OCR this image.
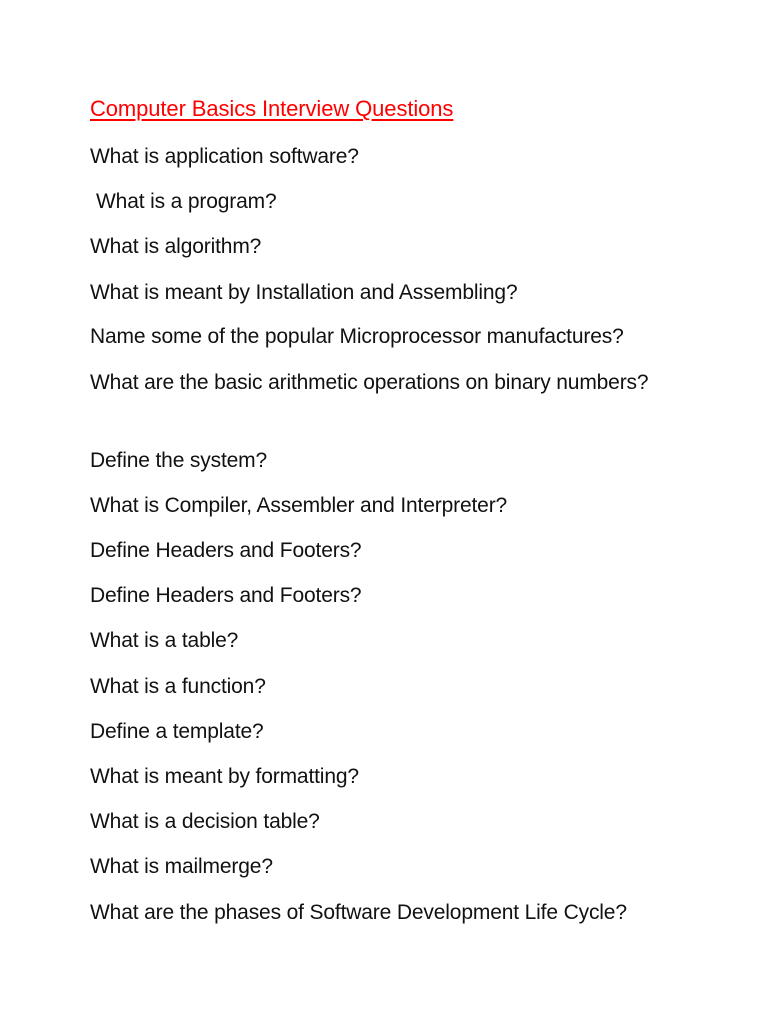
Computer Basics Interview Questions
What is application software?
What is a program?
What is algorithm?
What is meant by Installation and Assembling?
Name some of the popular Microprocessor manufactures?
What are the basic arithmetic operations on binary numbers?
Define the system?
What is Compiler, Assembler and Interpreter?
Define Headers and Footers?
Define Headers and Footers?
What is a table?
What is a function?
Define a template?
What is meant by formatting?
What is a decision table?
What is mailmerge?
What are the phases of Software Development Life Cycle?
